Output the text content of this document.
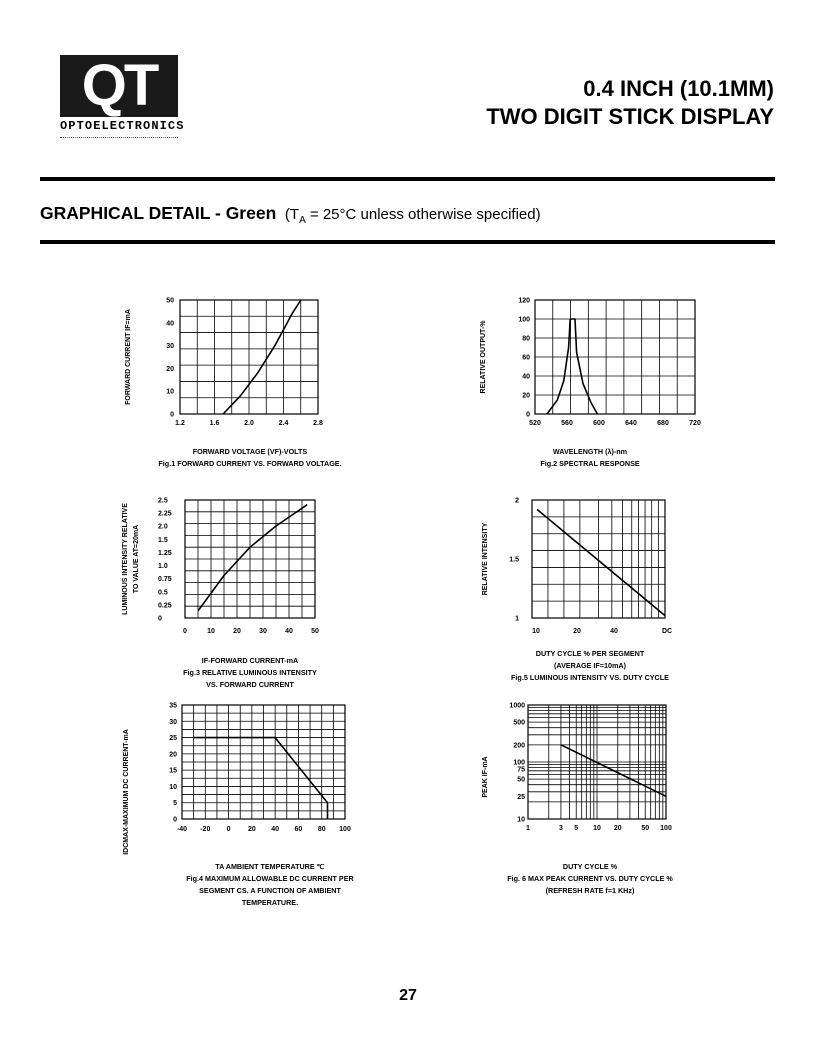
QT
OPTOELECTRONICS
0.4 INCH (10.1MM)
TWO DIGIT STICK DISPLAY
GRAPHICAL DETAIL - Green ($T_A = 25^\circ C$ unless otherwise specified)
1.2	1.6	2.0	2.4	2.8
0
10
20
30
40
50
FORWARD CURRENT IF=mA
FORWARD VOLTAGE (VF)-VOLTS
Fig.1 FORWARD CURRENT VS. FORWARD VOLTAGE.
520	560	600	640	680	720
0
20
40
60
80
100
120
RELATIVE OUTPUT-%
WAVELENGTH (λ)-nm
Fig.2 SPECTRAL RESPONSE
0	10	20	30	40	50
0
0.25
0.5
0.75
1.0
1.25
1.5
2.0
2.25
2.5
LUMINOUS INTENSITY RELATIVE TO VALUE AT=20mA
IF-FORWARD CURRENT-mA
Fig.3 RELATIVE LUMINOUS INTENSITY
VS. FORWARD CURRENT
-40 -20 0 20 40 60 80 100
0
5
10
15
20
25
30
35
IDCMAX-MAXIMUM DC CURRENT-mA
TA AMBIENT TEMPERATURE ℃
Fig.4 MAXIMUM ALLOWABLE DC CURRENT PER
SEGMENT CS. A FUNCTION OF AMBIENT
TEMPERATURE.
10	20	40	DC
1
1.5
2
RELATIVE INTENSITY
DUTY CYCLE % PER SEGMENT
(AVERAGE IF=10mA)
Fig.5 LUMINOUS INTENSITY VS. DUTY CYCLE
1	3 5 10 20	50 100
10
25
50
75
100
200
500
1000
PEAK IF-mA
DUTY CYCLE %
Fig. 6 MAX PEAK CURRENT VS. DUTY CYCLE %
(REFRESH RATE f=1 KHz)
27
